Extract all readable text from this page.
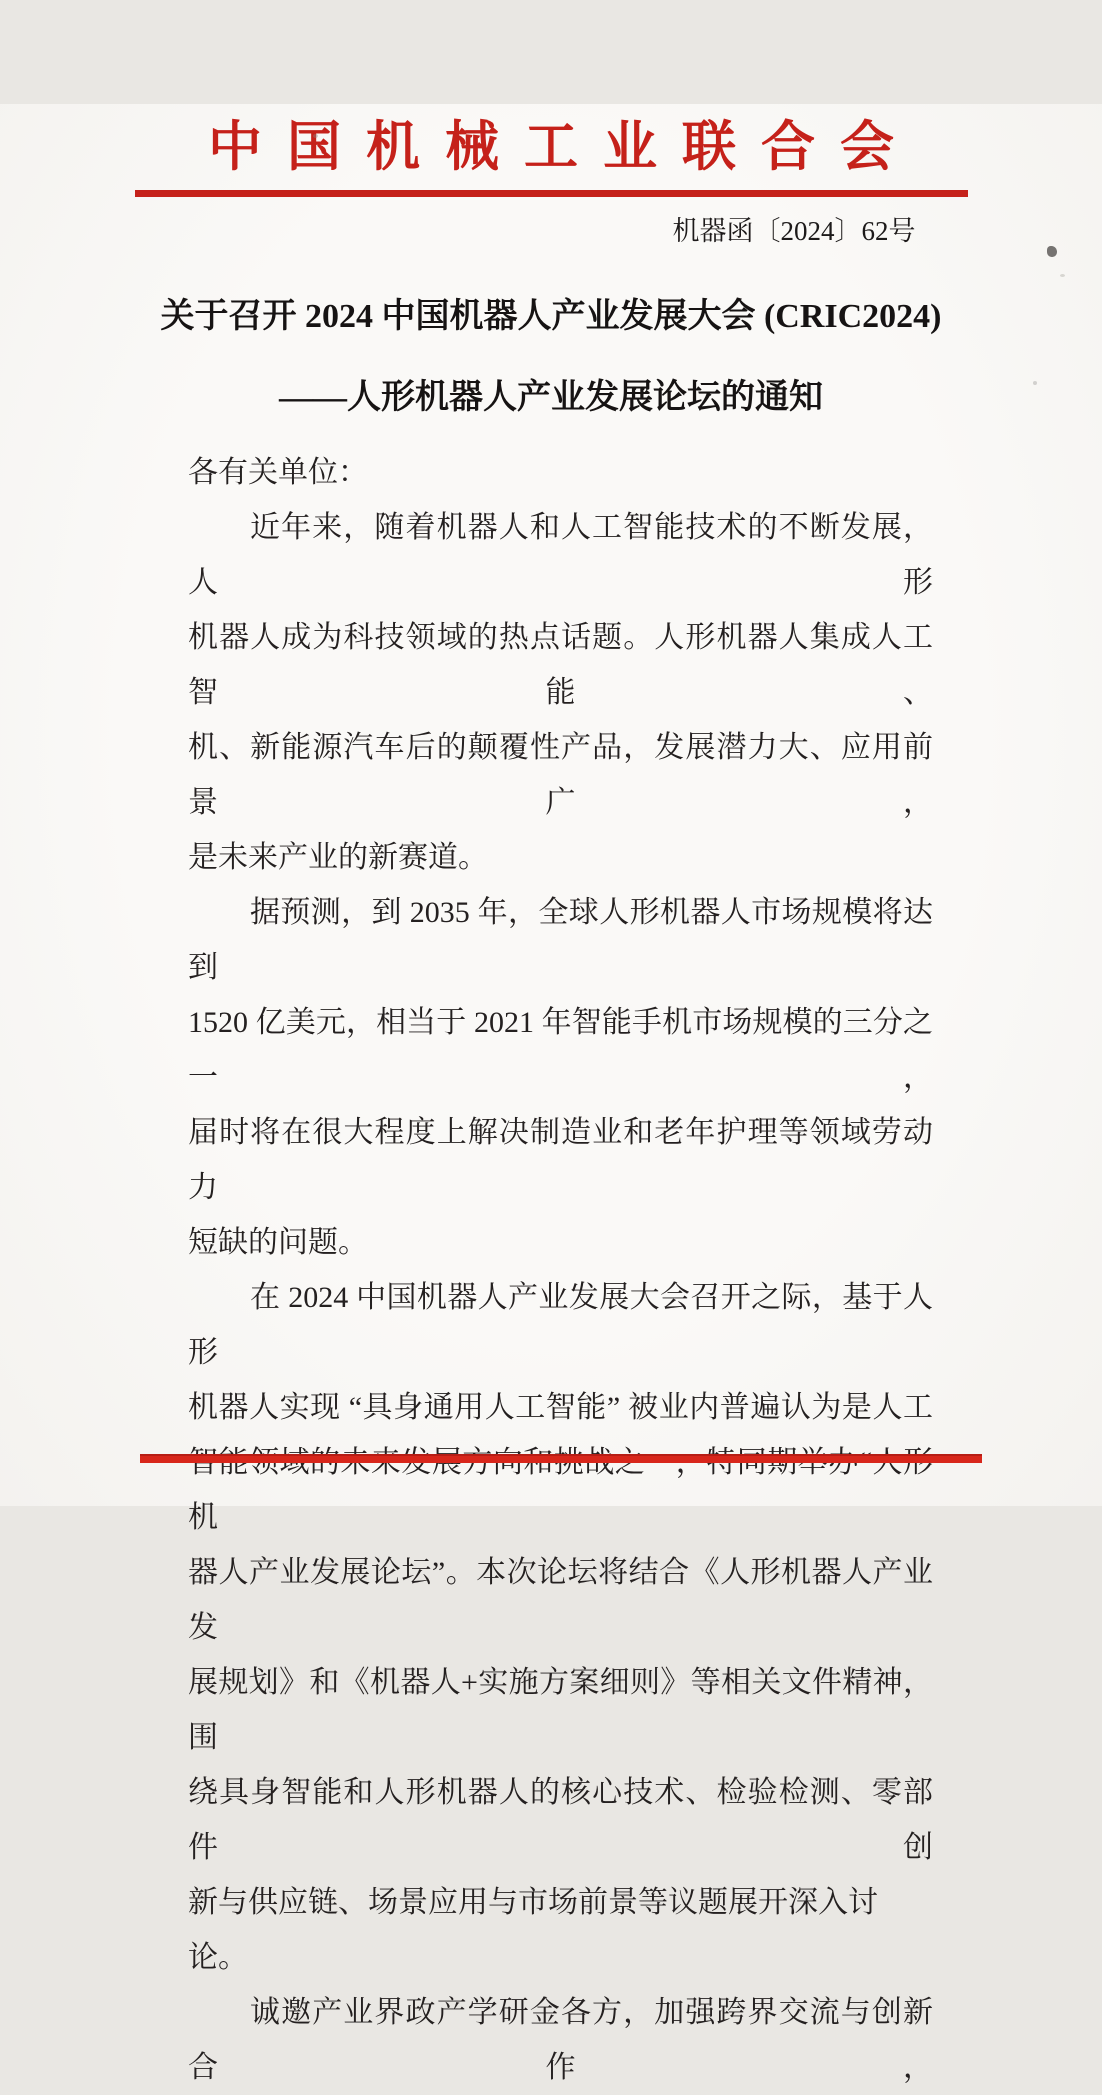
中国机械工业联合会
机器函〔2024〕62号
关于召开 2024 中国机器人产业发展大会 (CRIC2024)
——人形机器人产业发展论坛的通知
各有关单位：
近年来，随着机器人和人工智能技术的不断发展，人形
机器人成为科技领域的热点话题。人形机器人集成人工智能、
机、新能源汽车后的颠覆性产品，发展潜力大、应用前景广，
是未来产业的新赛道。
据预测，到 2035 年，全球人形机器人市场规模将达到
1520 亿美元，相当于 2021 年智能手机市场规模的三分之一，
届时将在很大程度上解决制造业和老年护理等领域劳动力
短缺的问题。
在 2024 中国机器人产业发展大会召开之际，基于人形
机器人实现 “具身通用人工智能” 被业内普遍认为是人工
智能领域的未来发展方向和挑战之一，特同期举办“人形机
器人产业发展论坛”。本次论坛将结合《人形机器人产业发
展规划》和《机器人+实施方案细则》等相关文件精神，围
绕具身智能和人形机器人的核心技术、检验检测、零部件创
新与供应链、场景应用与市场前景等议题展开深入讨论。
诚邀产业界政产学研金各方，加强跨界交流与创新合作，
